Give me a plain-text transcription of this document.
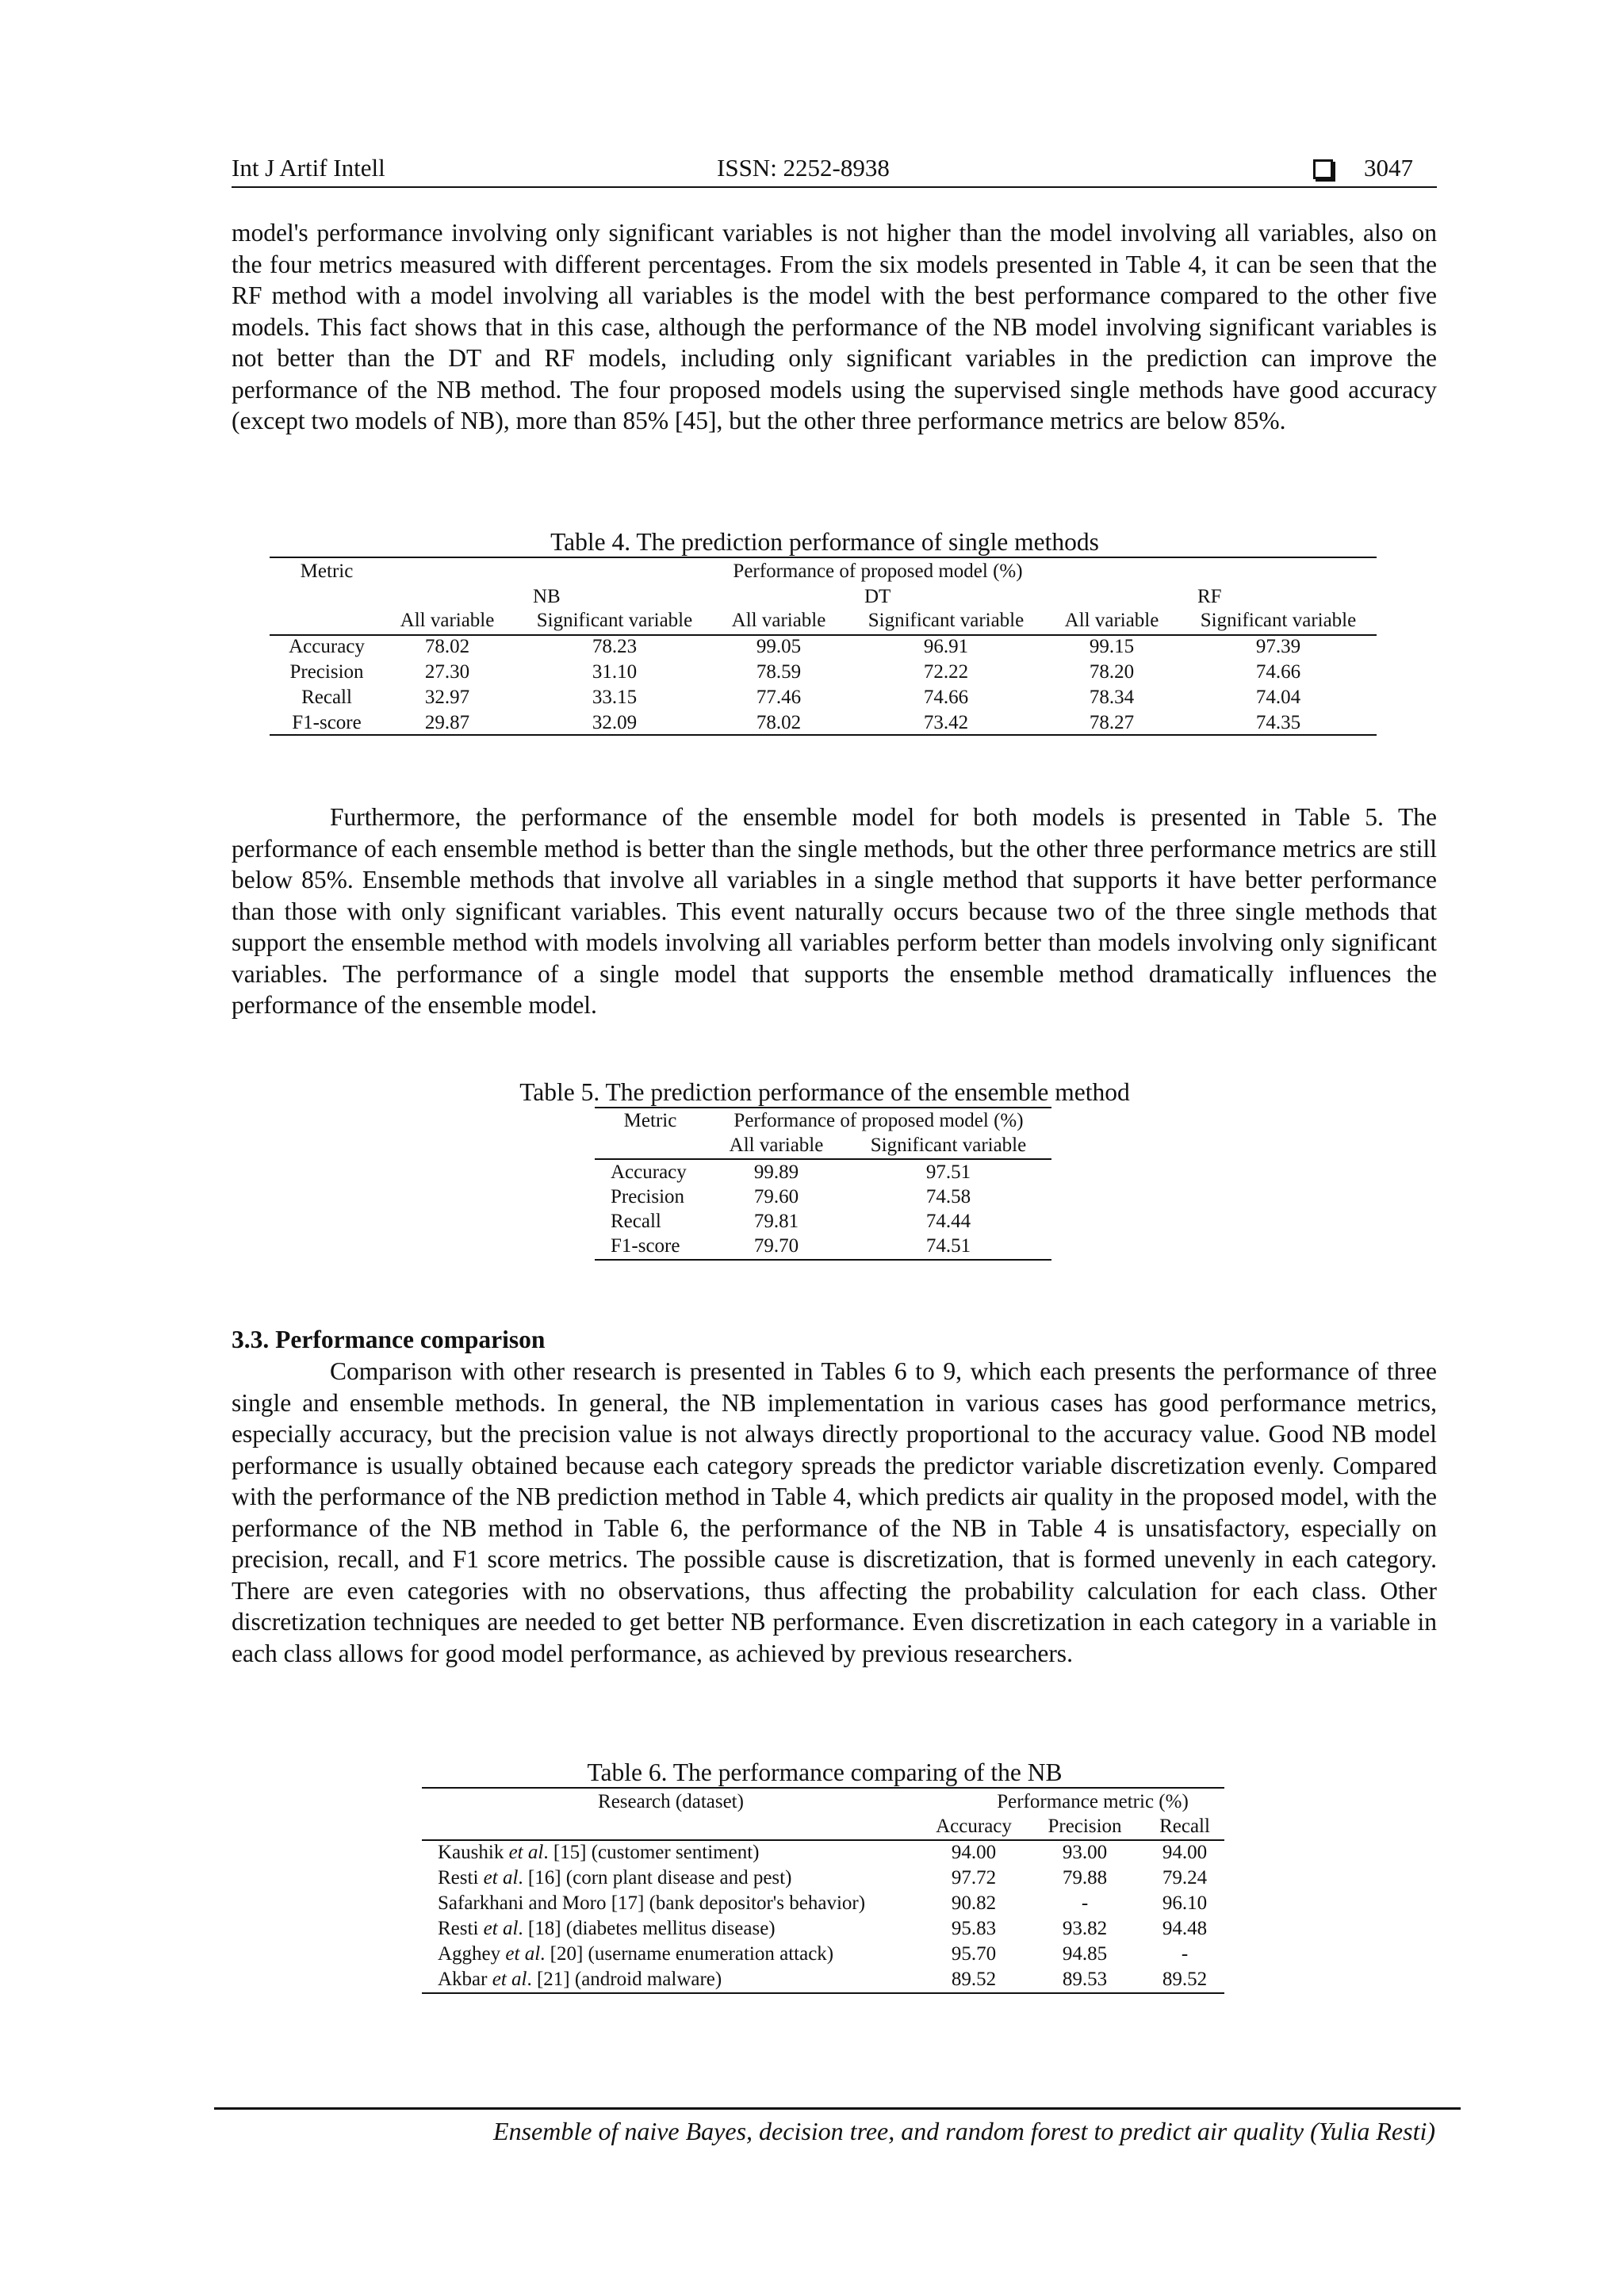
Int J Artif Intell	ISSN: 2252-8938	3047

model's performance involving only significant variables is not higher than the model involving all variables, also on the four metrics measured with different percentages. From the six models presented in Table 4, it can be seen that the RF method with a model involving all variables is the model with the best performance compared to the other five models. This fact shows that in this case, although the performance of the NB model involving significant variables is not better than the DT and RF models, including only significant variables in the prediction can improve the performance of the NB method. The four proposed models using the supervised single methods have good accuracy (except two models of NB), more than 85% [45], but the other three performance metrics are below 85%.

Table 4. The prediction performance of single methods
Metric	Performance of proposed model (%)
NB	DT	RF
All variable Significant variable All variable Significant variable All variable Significant variable
Accuracy	78.02	78.23	99.05	96.91	99.15	97.39
Precision	27.30	31.10	78.59	72.22	78.20	74.66
Recall	32.97	33.15	77.46	74.66	78.34	74.04
F1-score	29.87	32.09	78.02	73.42	78.27	74.35

Furthermore, the performance of the ensemble model for both models is presented in Table 5. The performance of each ensemble method is better than the single methods, but the other three performance metrics are still below 85%. Ensemble methods that involve all variables in a single method that supports it have better performance than those with only significant variables. This event naturally occurs because two of the three single methods that support the ensemble method with models involving all variables perform better than models involving only significant variables. The performance of a single model that supports the ensemble method dramatically influences the performance of the ensemble model.

Table 5. The prediction performance of the ensemble method
Metric	Performance of proposed model (%)
All variable Significant variable
Accuracy	99.89	97.51
Precision	79.60	74.58
Recall	79.81	74.44
F1-score	79.70	74.51
3.3. Performance comparison

Comparison with other research is presented in Tables 6 to 9, which each presents the performance of three single and ensemble methods. In general, the NB implementation in various cases has good performance metrics, especially accuracy, but the precision value is not always directly proportional to the accuracy value. Good NB model performance is usually obtained because each category spreads the predictor variable discretization evenly. Compared with the performance of the NB prediction method in Table 4, which predicts air quality in the proposed model, with the performance of the NB method in Table 6, the performance of the NB in Table 4 is unsatisfactory, especially on precision, recall, and F1 score metrics. The possible cause is discretization, that is formed unevenly in each category. There are even categories with no observations, thus affecting the probability calculation for each class. Other discretization techniques are needed to get better NB performance. Even discretization in each category in a variable in each class allows for good model performance, as achieved by previous researchers.

Table 6. The performance comparing of the NB
Research (dataset)	Performance metric (%)
Accuracy Precision Recall
Kaushik et al. [15] (customer sentiment)	94.00	93.00	94.00
Resti et al. [16] (corn plant disease and pest)	97.72	79.88	79.24
Safarkhani and Moro [17] (bank depositor's behavior)	90.82	-	96.10
Resti et al. [18] (diabetes mellitus disease)	95.83	93.82	94.48
Agghey et al. [20] (username enumeration attack)	95.70	94.85	-
Akbar et al. [21] (android malware)	89.52	89.53	89.52
Ensemble of naive Bayes, decision tree, and random forest to predict air quality (Yulia Resti)
